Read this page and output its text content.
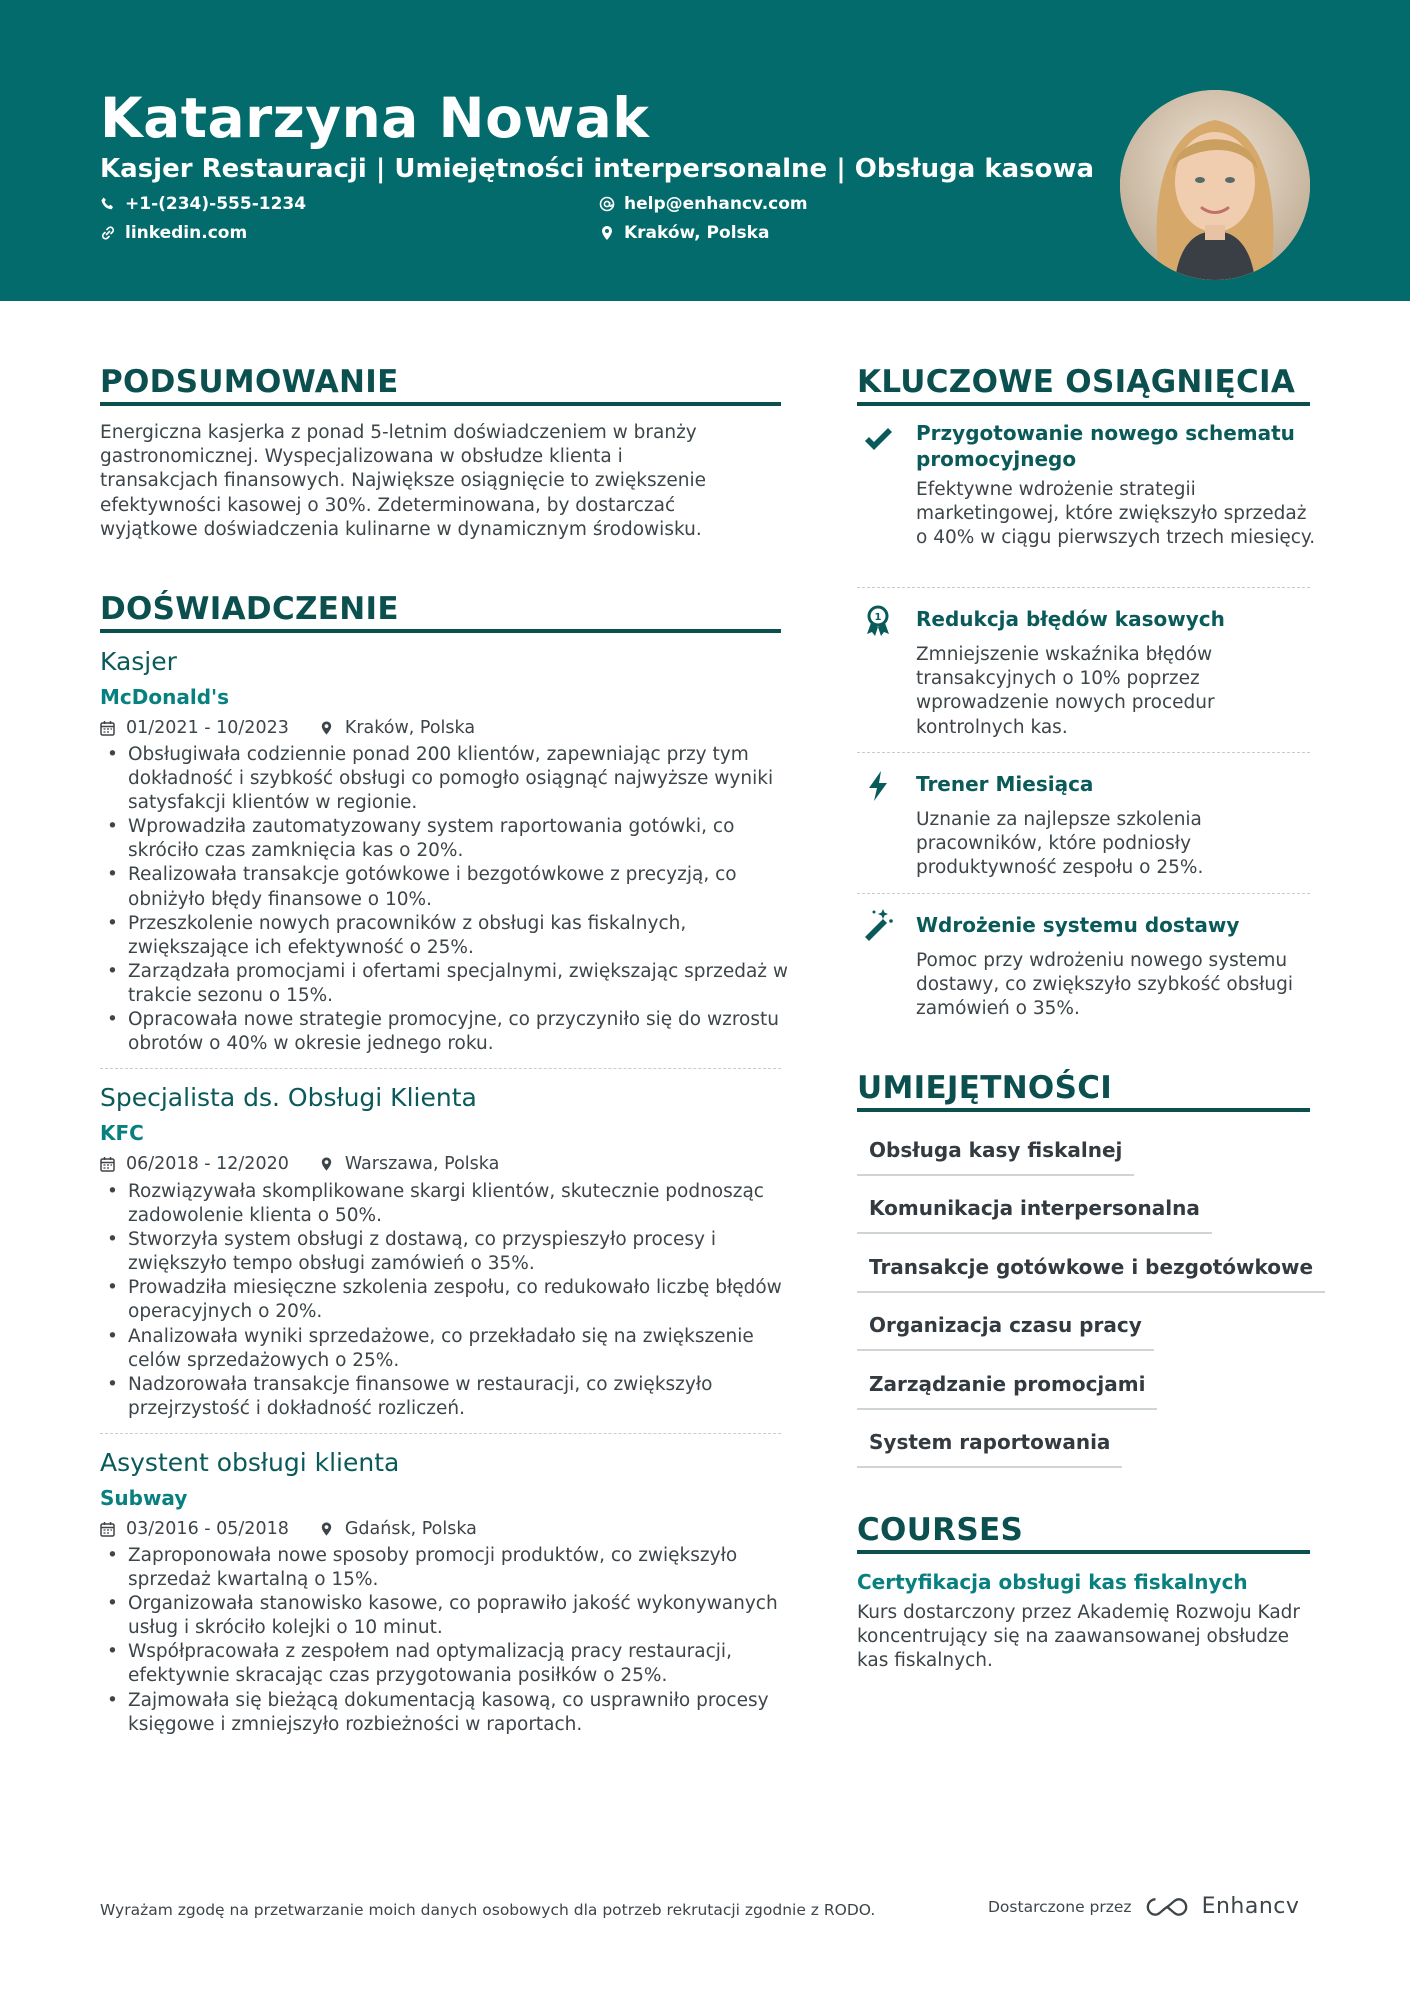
Katarzyna Nowak
Kasjer Restauracji | Umiejętności interpersonalne | Obsługa kasowa
+1-(234)-555-1234	help@enhancv.com
linkedin.com	Kraków, Polska
PODSUMOWANIE
Energiczna kasjerka z ponad 5-letnim doświadczeniem w branży gastronomicznej. Wyspecjalizowana w obsłudze klienta i transakcjach finansowych. Największe osiągnięcie to zwiększenie efektywności kasowej o 30%. Zdeterminowana, by dostarczać wyjątkowe doświadczenia kulinarne w dynamicznym środowisku.
DOŚWIADCZENIE
Kasjer
McDonald's
01/2021 - 10/2023	Kraków, Polska
• Obsługiwała codziennie ponad 200 klientów, zapewniając przy tym dokładność i szybkość obsługi co pomogło osiągnąć najwyższe wyniki satysfakcji klientów w regionie.
• Wprowadziła zautomatyzowany system raportowania gotówki, co skróciło czas zamknięcia kas o 20%.
• Realizowała transakcje gotówkowe i bezgotówkowe z precyzją, co obniżyło błędy finansowe o 10%.
• Przeszkolenie nowych pracowników z obsługi kas fiskalnych, zwiększające ich efektywność o 25%.
• Zarządzała promocjami i ofertami specjalnymi, zwiększając sprzedaż w trakcie sezonu o 15%.
• Opracowała nowe strategie promocyjne, co przyczyniło się do wzrostu obrotów o 40% w okresie jednego roku.
Specjalista ds. Obsługi Klienta
KFC
06/2018 - 12/2020	Warszawa, Polska
• Rozwiązywała skomplikowane skargi klientów, skutecznie podnosząc zadowolenie klienta o 50%.
• Stworzyła system obsługi z dostawą, co przyspieszyło procesy i zwiększyło tempo obsługi zamówień o 35%.
• Prowadziła miesięczne szkolenia zespołu, co redukowało liczbę błędów operacyjnych o 20%.
• Analizowała wyniki sprzedażowe, co przekładało się na zwiększenie celów sprzedażowych o 25%.
• Nadzorowała transakcje finansowe w restauracji, co zwiększyło przejrzystość i dokładność rozliczeń.
Asystent obsługi klienta
Subway
03/2016 - 05/2018	Gdańsk, Polska
• Zaproponowała nowe sposoby promocji produktów, co zwiększyło sprzedaż kwartalną o 15%.
• Organizowała stanowisko kasowe, co poprawiło jakość wykonywanych usług i skróciło kolejki o 10 minut.
• Współpracowała z zespołem nad optymalizacją pracy restauracji, efektywnie skracając czas przygotowania posiłków o 25%.
• Zajmowała się bieżącą dokumentacją kasową, co usprawniło procesy księgowe i zmniejszyło rozbieżności w raportach.
KLUCZOWE OSIĄGNIĘCIA
Przygotowanie nowego schematu promocyjnego
Efektywne wdrożenie strategii marketingowej, które zwiększyło sprzedaż o 40% w ciągu pierwszych trzech miesięcy.
1 Redukcja błędów kasowych
Zmniejszenie wskaźnika błędów transakcyjnych o 10% poprzez wprowadzenie nowych procedur kontrolnych kas.
Trener Miesiąca
Uznanie za najlepsze szkolenia pracowników, które podniosły produktywność zespołu o 25%.
Wdrożenie systemu dostawy
Pomoc przy wdrożeniu nowego systemu dostawy, co zwiększyło szybkość obsługi zamówień o 35%.
UMIEJĘTNOŚCI
Obsługa kasy fiskalnej
Komunikacja interpersonalna
Transakcje gotówkowe i bezgotówkowe
Organizacja czasu pracy
Zarządzanie promocjami
System raportowania
COURSES
Certyfikacja obsługi kas fiskalnych
Kurs dostarczony przez Akademię Rozwoju Kadr koncentrujący się na zaawansowanej obsłudze kas fiskalnych.
Wyrażam zgodę na przetwarzanie moich danych osobowych dla potrzeb rekrutacji zgodnie z RODO.	Dostarczone przez	Enhancv
